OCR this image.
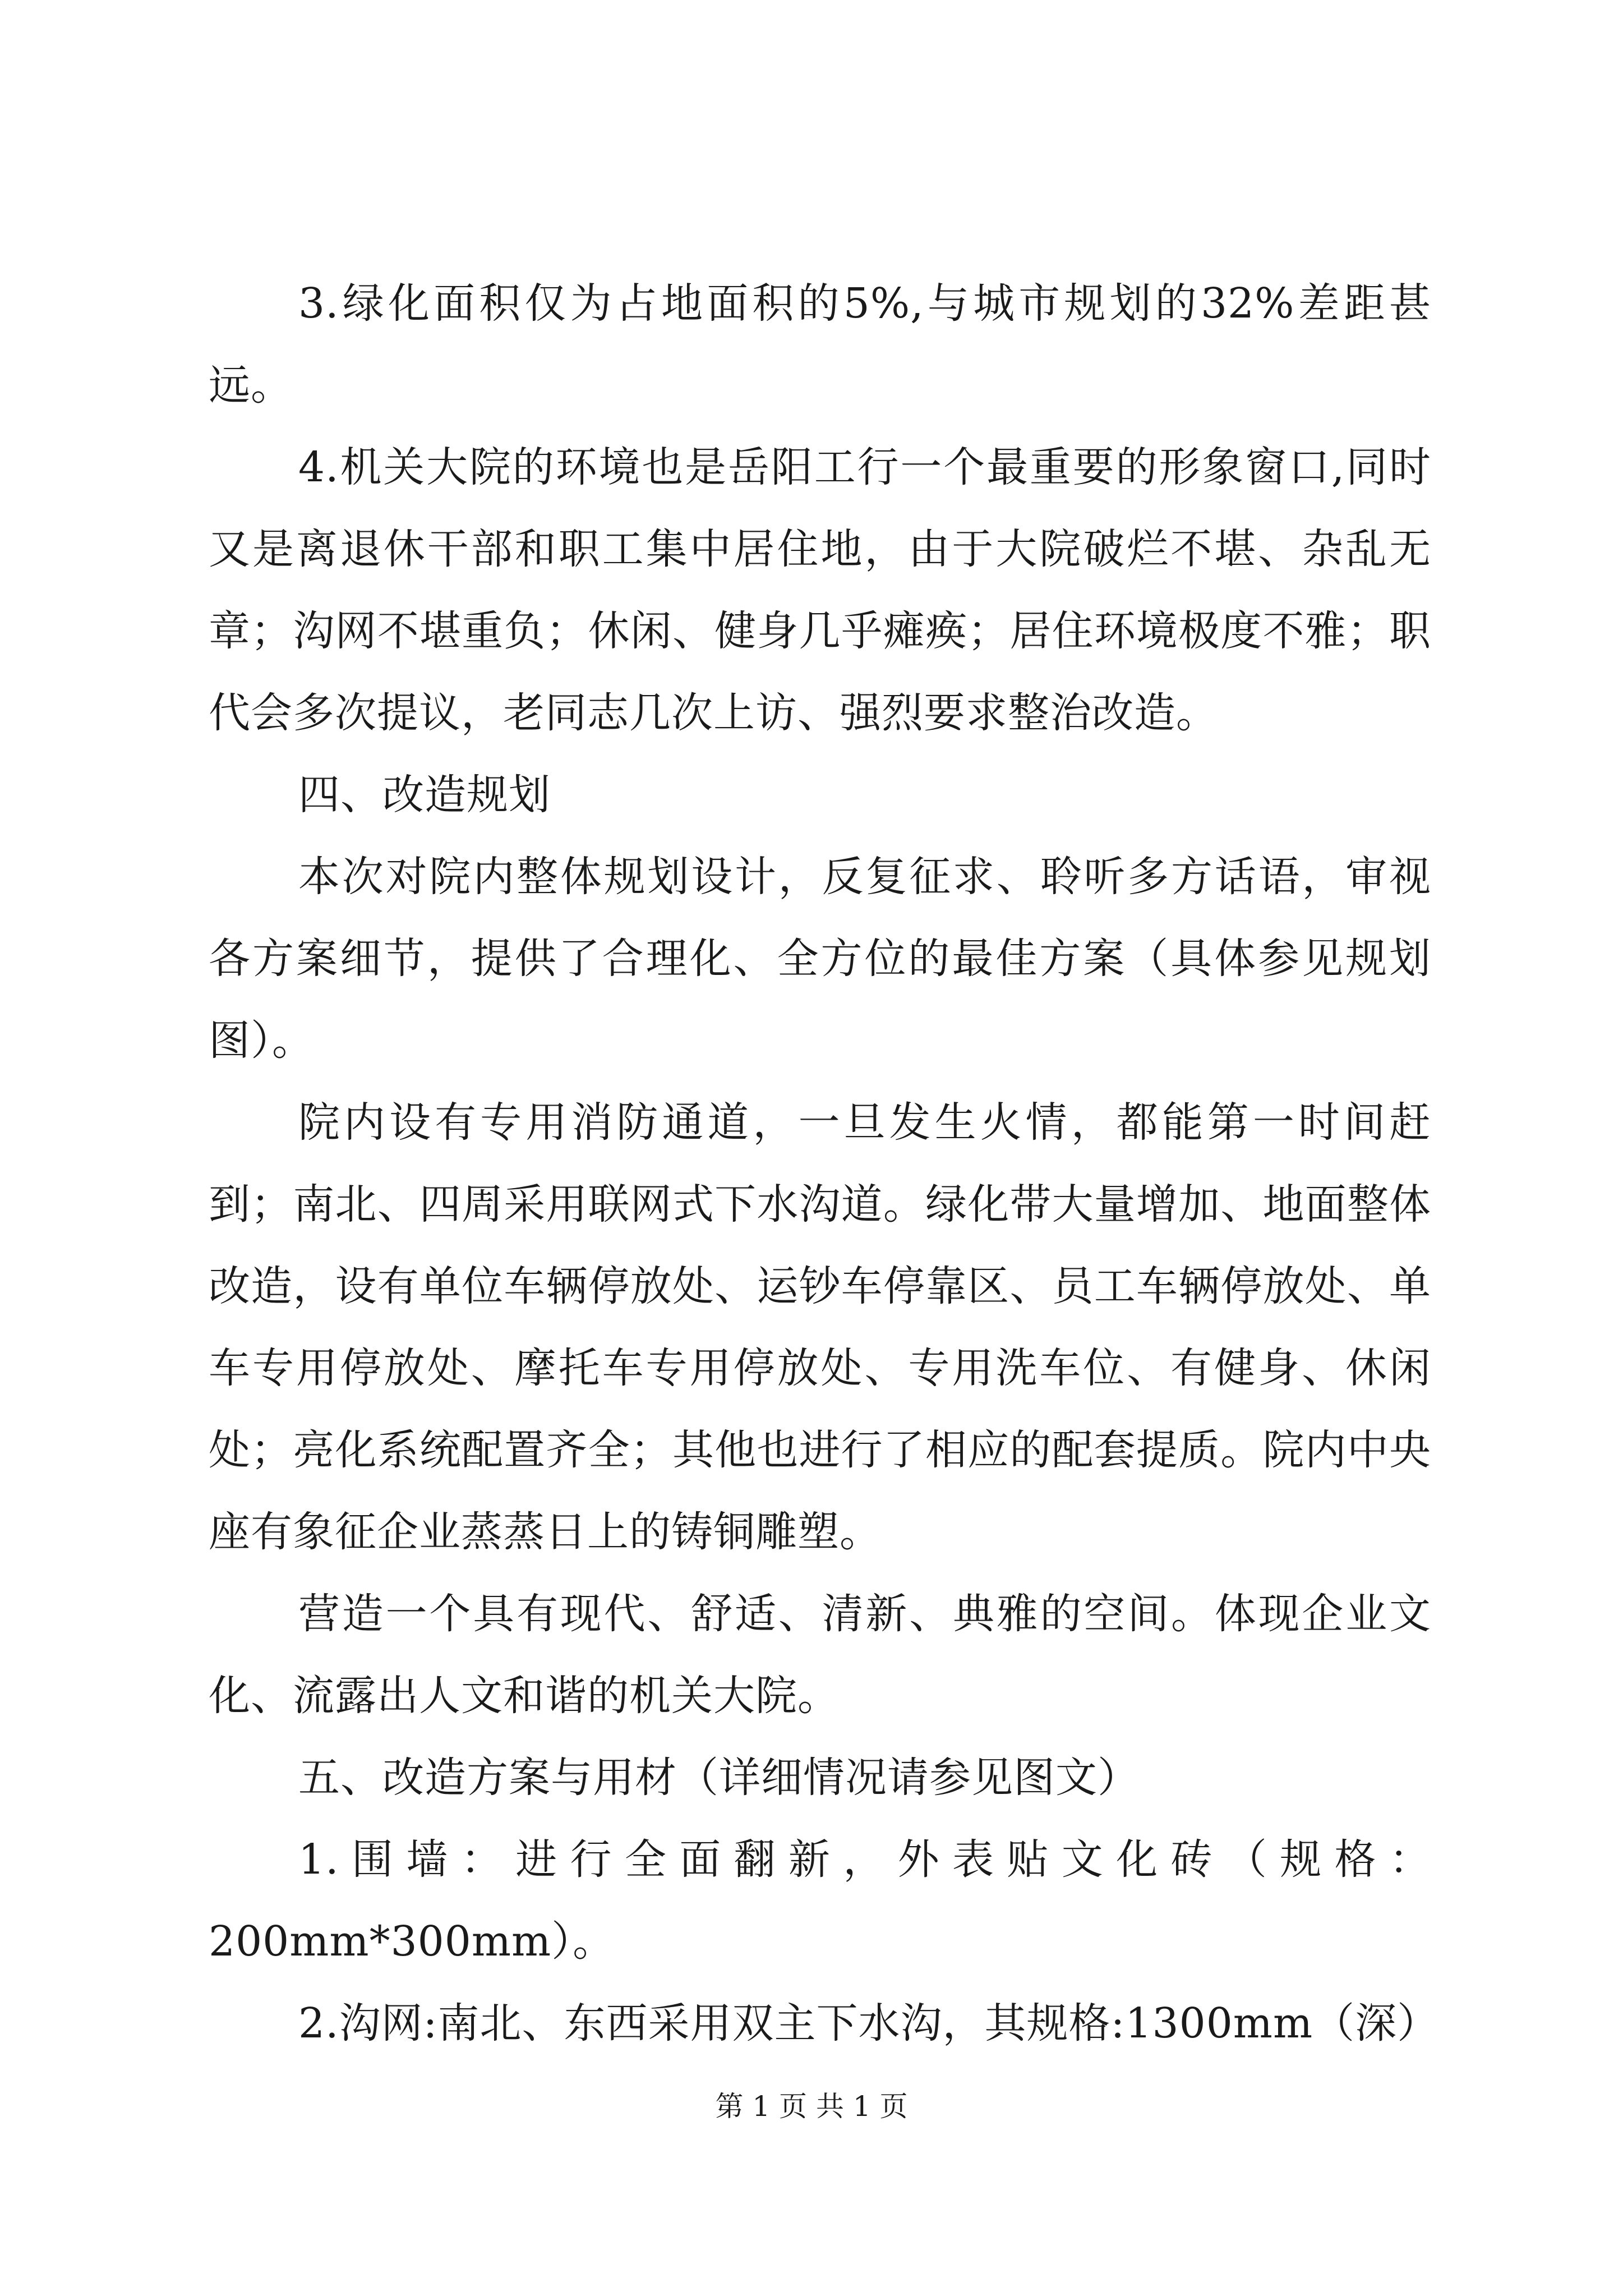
3.绿化面积仅为占地面积的5%,与城市规划的32%差距甚远。

4.机关大院的环境也是岳阳工行一个最重要的形象窗口,同时又是离退休干部和职工集中居住地，由于大院破烂不堪、杂乱无章；沟网不堪重负；休闲、健身几乎瘫痪；居住环境极度不雅；职代会多次提议，老同志几次上访、强烈要求整治改造。

四、改造规划

本次对院内整体规划设计，反复征求、聆听多方话语，审视各方案细节，提供了合理化、全方位的最佳方案（具体参见规划图）。

院内设有专用消防通道，一旦发生火情，都能第一时间赶到；南北、四周采用联网式下水沟道。绿化带大量增加、地面整体改造，设有单位车辆停放处、运钞车停靠区、员工车辆停放处、单车专用停放处、摩托车专用停放处、专用洗车位、有健身、休闲处；亮化系统配置齐全；其他也进行了相应的配套提质。院内中央座有象征企业蒸蒸日上的铸铜雕塑。

营造一个具有现代、舒适、清新、典雅的空间。体现企业文化、流露出人文和谐的机关大院。

五、改造方案与用材（详细情况请参见图文）

1.围墙：进行全面翻新，外表贴文化砖（规格：200mm*300mm）。

2.沟网:南北、东西采用双主下水沟，其规格:1300mm（深）

第 1 页 共 1 页
